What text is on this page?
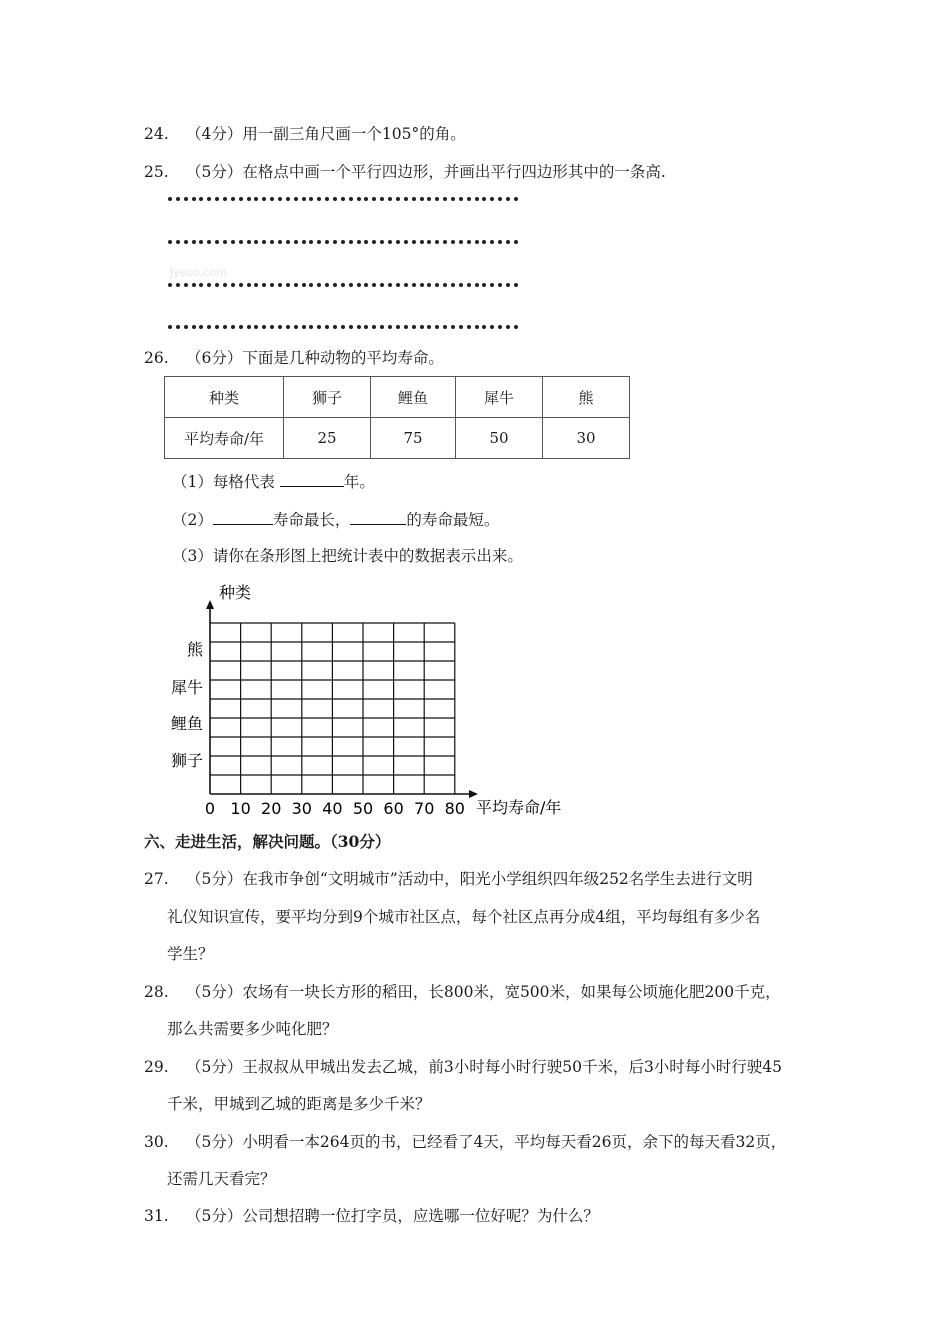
24. （4分）用一副三角尺画一个105°的角。
25. （5分）在格点中画一个平行四边形，并画出平行四边形其中的一条高.
Jyeoo.com
26. （6分）下面是几种动物的平均寿命。
种类	狮子	鲤鱼	犀牛	熊
平均寿命/年	25	75	50	30
（1）每格代表	年。
（2）	寿命最长，	的寿命最短。
（3）请你在条形图上把统计表中的数据表示出来。
种类
平均寿命∕年
熊
犀牛
鲤鱼
狮子
0 10 20 30 40 50 60 70 80
六、走进生活，解决问题。（30分）
27. （5分）在我市争创“文明城市”活动中，阳光小学组织四年级252名学生去进行文明
礼仪知识宣传，要平均分到9个城市社区点，每个社区点再分成4组，平均每组有多少名
学生？
28. （5分）农场有一块长方形的稻田，长800米，宽500米，如果每公顷施化肥200千克，
那么共需要多少吨化肥？
29. （5分）王叔叔从甲城出发去乙城，前3小时每小时行驶50千米，后3小时每小时行驶45
千米，甲城到乙城的距离是多少千米？
30. （5分）小明看一本264页的书，已经看了4天，平均每天看26页，余下的每天看32页，
还需几天看完？
31. （5分）公司想招聘一位打字员，应选哪一位好呢？为什么？
